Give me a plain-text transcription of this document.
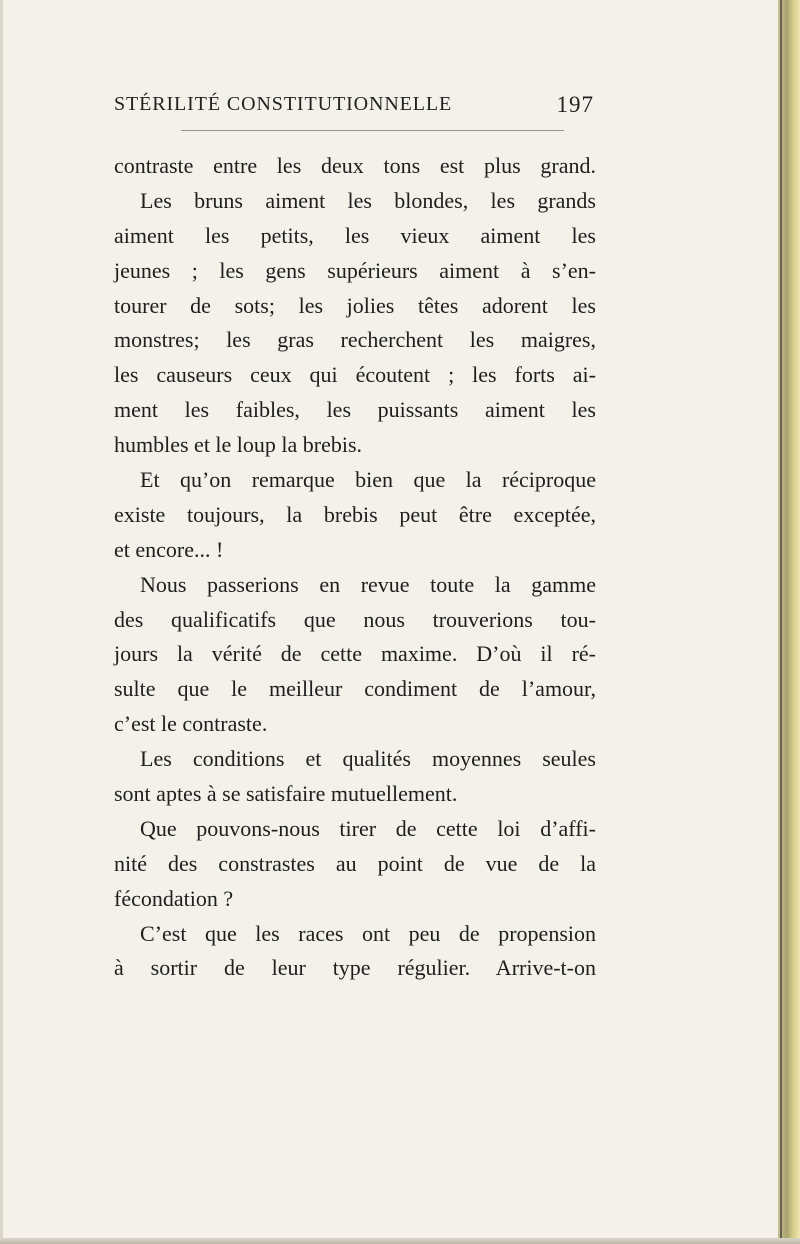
STÉRILITÉ CONSTITUTIONNELLE	197
contraste entre les deux tons est plus grand.
Les bruns aiment les blondes, les grands
aiment les petits, les vieux aiment les
jeunes ; les gens supérieurs aiment à s’en-
tourer de sots; les jolies têtes adorent les
monstres; les gras recherchent les maigres,
les causeurs ceux qui écoutent ; les forts ai-
ment les faibles, les puissants aiment les
humbles et le loup la brebis.
Et qu’on remarque bien que la réciproque
existe toujours, la brebis peut être exceptée,
et encore... !
Nous passerions en revue toute la gamme
des qualificatifs que nous trouverions tou-
jours la vérité de cette maxime. D’où il ré-
sulte que le meilleur condiment de l’amour,
c’est le contraste.
Les conditions et qualités moyennes seules
sont aptes à se satisfaire mutuellement.
Que pouvons-nous tirer de cette loi d’affi-
nité des constrastes au point de vue de la
fécondation ?
C’est que les races ont peu de propension
à sortir de leur type régulier. Arrive-t-on
